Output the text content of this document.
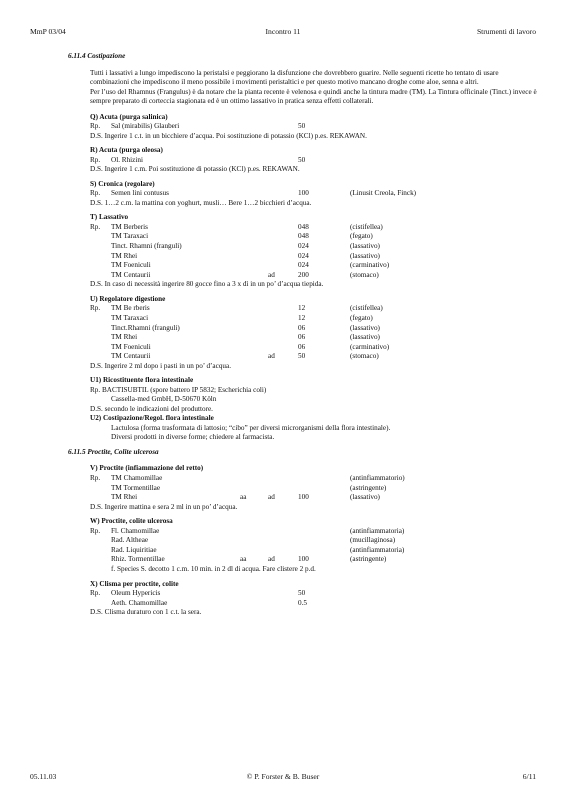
MmP 03/04	Incontro 11	Strumenti di lavoro
6.11.4 Costipazione

Tutti i lassativi a lungo impediscono la peristalsi e peggiorano la disfunzione che dovrebbero guarire. Nelle seguenti ricette ho tentato di usare combinazioni che impediscono il meno possibile i movimenti peristaltici e per questo motivo mancano droghe come aloe, senna e altri.

Per l’uso del Rhamnus (Frangulus) è da notare che la pianta recente è velenosa e quindi anche la tintura madre (TM). La Tintura officinale (Tinct.) invece è sempre preparato di corteccia stagionata ed è un ottimo lassativo in pratica senza effetti collaterali.

Q) Acuta (purga salinica)
Rp. Sal (mirabilis) Glauberi	50
D.S. Ingerire 1 c.t. in un bicchiere d’acqua. Poi sostituzione di potassio (KCl) p.es. REKAWAN.
R) Acuta (purga oleosa)
Rp. Ol. Rhizini	50
D.S. Ingerire 1 c.m. Poi sostituzione di potassio (KCl) p.es. REKAWAN.
S) Cronica (regolare)
Rp. Semen lini contusus	100	(Linusit Creola, Finck)
D.S. 1…2 c.m. la mattina con yoghurt, musli… Bere 1…2 bicchieri d’acqua.
T) Lassativo
Rp. TM Berberis	048	(cistifellea)
TM Taraxaci	048	(fegato)
Tinct. Rhamni (franguli)	024	(lassativo)
TM Rhei	024	(lassativo)
TM Foeniculi	024	(carminativo)
TM Centaurii	ad	200	(stomaco)
D.S. In caso di necessità ingerire 80 gocce fino a 3 x dì in un po’ d’acqua tiepida.
U) Regolatore digestione
Rp. TM Be rberis	12	(cistifellea)
TM Taraxaci	12	(fegato)
Tinct.Rhamni (franguli)	06	(lassativo)
TM Rhei	06	(lassativo)
TM Foeniculi	06	(carminativo)
TM Centaurii	ad	50	(stomaco)
D.S. Ingerire 2 ml dopo i pasti in un po’ d’acqua.
U1) Ricostituente flora intestinale
Rp. BACTISUBTIL (spore battero IP 5832; Escherichia coli)
Cassella-med GmbH, D-50670 Köln
D.S. secondo le indicazioni del produttore.
U2) Costipazione/Regol. flora intestinale
Lactulosa (forma trasformata di lattosio; “cibo” per diversi microrganismi della flora intestinale).
Diversi prodotti in diverse forme; chiedere al farmacista.
6.11.5 Proctite, Colite ulcerosa
V) Proctite (infiammazione del retto)
Rp. TM Chamomillae	(antinfiammatorio)
TM Tormentillae	(astringente)
TM Rhei	aa	ad	100	(lassativo)
D.S. Ingerire mattina e sera 2 ml in un po’ d’acqua.
W) Proctite, colite ulcerosa
Rp. Fl. Chamomillae	(antinfiammatoria)
Rad. Altheae	(mucillaginosa)
Rad. Liquiritiae	(antinfiammatoria)
Rhiz. Tormentillae	aa	ad	100	(astringente)
f. Species S. decotto 1 c.m. 10 min. in 2 dl di acqua. Fare clistere 2 p.d.
X) Clisma per proctite, colite
Rp. Oleum Hypericis	50
Aeth. Chamomillae	0.5
D.S. Clisma duraturo con 1 c.t. la sera.
05.11.03	© P. Forster & B. Buser	6/11
